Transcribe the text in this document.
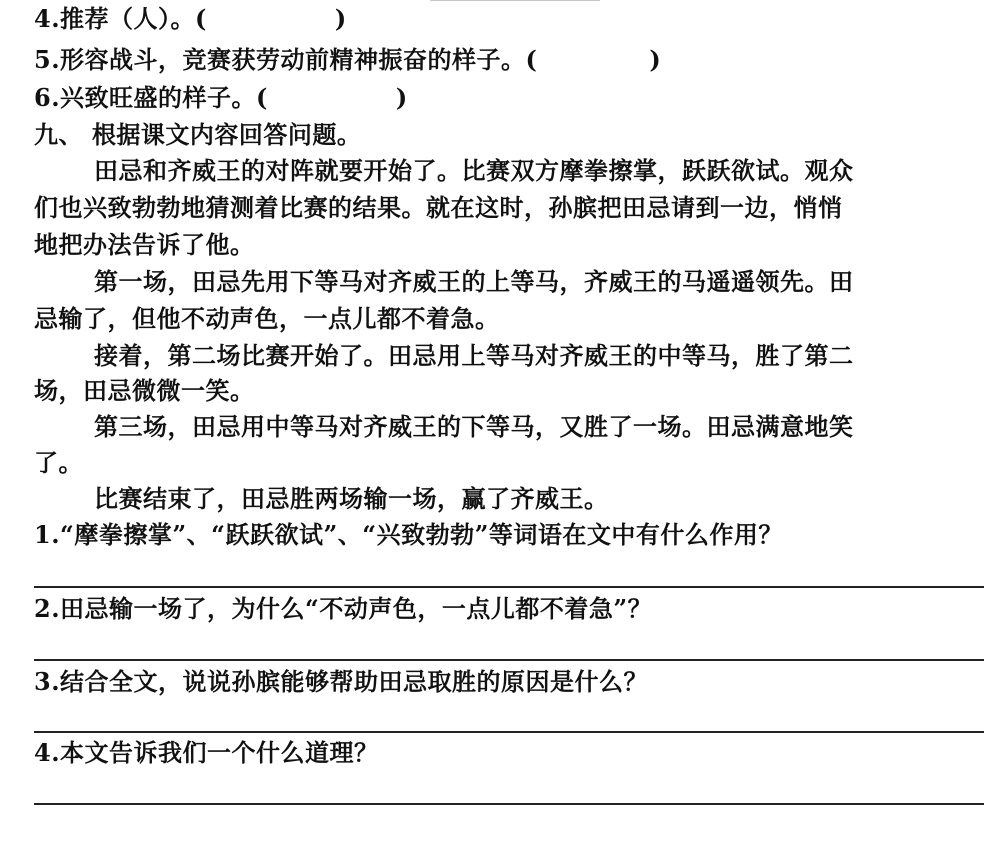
4.推荐（人）。(	)
5.形容战斗，竞赛获劳动前精神振奋的样子。(	)
6.兴致旺盛的样子。(	)
九、 根据课文内容回答问题。
田忌和齐威王的对阵就要开始了。比赛双方摩拳擦掌，跃跃欲试。观众
们也兴致勃勃地猜测着比赛的结果。就在这时，孙膑把田忌请到一边，悄悄
地把办法告诉了他。
第一场，田忌先用下等马对齐威王的上等马，齐威王的马遥遥领先。田
忌输了，但他不动声色，一点儿都不着急。
接着，第二场比赛开始了。田忌用上等马对齐威王的中等马，胜了第二
场，田忌微微一笑。
第三场，田忌用中等马对齐威王的下等马，又胜了一场。田忌满意地笑
了。
比赛结束了，田忌胜两场输一场，赢了齐威王。
1.“摩拳擦掌”、“跃跃欲试”、“兴致勃勃”等词语在文中有什么作用？
2.田忌输一场了，为什么“不动声色，一点儿都不着急”？
3.结合全文，说说孙膑能够帮助田忌取胜的原因是什么？
4.本文告诉我们一个什么道理？
